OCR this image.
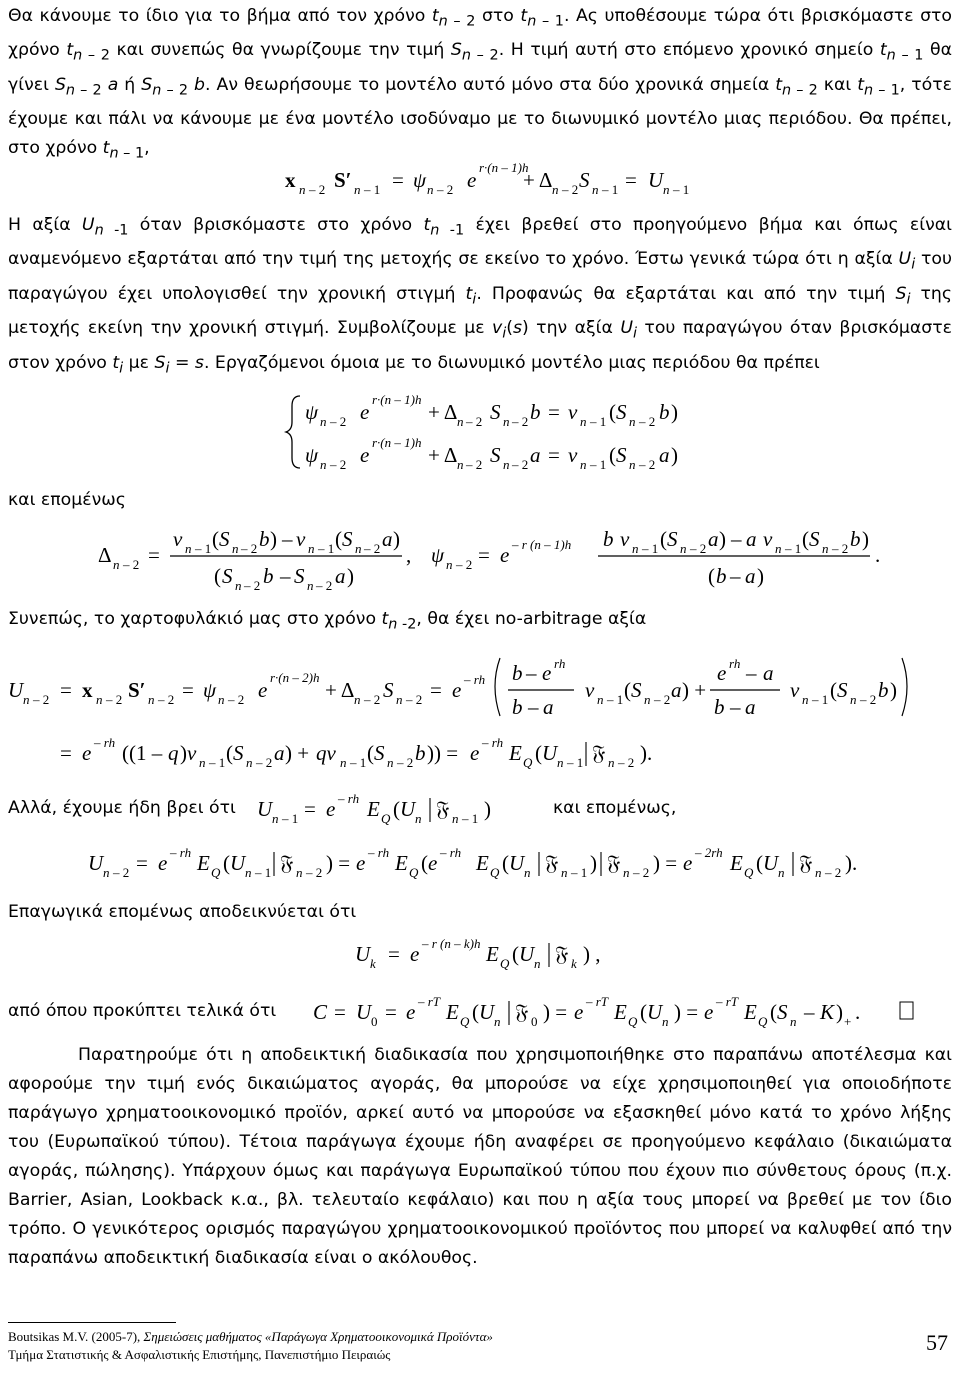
Θα κάνουμε το ίδιο για το βήμα από τον χρόνο $t_{n - 2}$ στο $t_{n - 1}$. Ας υποθέσουμε τώρα ότι βρισκόμαστε στο χρόνο $t_{n - 2}$ και συνεπώς θα γνωρίζουμε την τιμή $S_{n - 2}$. Η τιμή αυτή στο επόμενο χρονικό σημείο $t_{n - 1}$ θα γίνει $S_{n - 2}$ a ή $S_{n - 2}$ b. Αν θεωρήσουμε το μοντέλο αυτό μόνο στα δύο χρονικά σημεία $t_{n - 2}$ και $t_{n - 1}$, τότε έχουμε και πάλι να κάνουμε με ένα μοντέλο ισοδύναμο με το διωνυμικό μοντέλο μιας περιόδου. Θα πρέπει, στο χρόνο $t_{n - 1}$,
Η αξία $U_{n -1}$ όταν βρισκόμαστε στο χρόνο $t_{n -1}$ έχει βρεθεί στο προηγούμενο βήμα και όπως είναι αναμενόμενο εξαρτάται από την τιμή της μετοχής σε εκείνο το χρόνο. Έστω γενικά τώρα ότι η αξία $U_i$ του παραγώγου έχει υπολογισθεί την χρονική στιγμή $t_i$. Προφανώς θα εξαρτάται και από την τιμή $S_i$ της μετοχής εκείνη την χρονική στιγμή. Συμβολίζουμε με $v_i(s)$ την αξία $U_i$ του παραγώγου όταν βρισκόμαστε στον χρόνο $t_i$ με $S_i = s$. Εργαζόμενοι όμοια με το διωνυμικό μοντέλο μιας περιόδου θα πρέπει
και επομένως
Συνεπώς, το χαρτοφυλάκιό μας στο χρόνο $t_{n -2}$, θα έχει no-arbitrage αξία
Αλλά, έχουμε ήδη βρει ότι	και επομένως,
Επαγωγικά επομένως αποδεικνύεται ότι
από όπου προκύπτει τελικά ότι
Παρατηρούμε ότι η αποδεικτική διαδικασία που χρησιμοποιήθηκε στο παραπάνω αποτέλεσμα και αφορούμε την τιμή ενός δικαιώματος αγοράς, θα μπορούσε να είχε χρησιμοποιηθεί για οποιοδήποτε παράγωγο χρηματοοικονομικό προϊόν, αρκεί αυτό να μπορούσε να εξασκηθεί μόνο κατά το χρόνο λήξης του (Ευρωπαϊκού τύπου). Τέτοια παράγωγα έχουμε ήδη αναφέρει σε προηγούμενο κεφάλαιο (δικαιώματα αγοράς, πώλησης). Υπάρχουν όμως και παράγωγα Ευρωπαϊκού τύπου που έχουν πιο σύνθετους όρους (π.χ. Barrier, Asian, Lookback κ.α., βλ. τελευταίο κεφάλαιο) και που η αξία τους μπορεί να βρεθεί με τον ίδιο τρόπο. Ο γενικότερος ορισμός παραγώγου χρηματοοικονομικού προϊόντος που μπορεί να καλυφθεί από την παραπάνω αποδεικτική διαδικασία είναι ο ακόλουθος.
x n – 2 S′ n – 1 = ψ n – 2 e
r·(n – 1)h
+ Δ n – 2 S n – 1 = U n – 1
ψ n – 2 e
r·(n – 1)h
+ Δ n – 2 S n – 2 b = v n – 1 ( S n – 2 b )
ψ n – 2 e
r·(n – 1)h
+ Δ n – 2 S n – 2 a = v n – 1 ( S n – 2 a )
Δ n – 2 =
v n – 1 ( S n – 2 b ) – v n – 1 ( S n – 2 a )
( S n – 2 b – S n – 2 a )
, ψ n – 2 = e – r (n – 1)h b v n – 1 ( S n – 2 a ) – a v n – 1 ( S n – 2 b )
( b – a )
.
U n – 2 = x n – 2 S′ n – 2 = ψ n – 2 e
r·(n – 2)h
+ Δ n – 2 S n – 2 = e – rh b – e rh
b – a
v n – 1 ( S n – 2 a ) +
e rh – a
b – a
v n – 1 ( S n – 2 b )
= e – rh ((1 – q ) v n – 1 ( S n – 2 a ) + qv n – 1 ( S n – 2 b )) = e – rh E Q ( U n – 1 𝔉 n – 2 ).
U n – 1 = e – rh E Q ( U n 𝔉 n – 1 )
U n – 2 = e – rh E Q ( U n – 1 𝔉 n – 2 ) = e – rh E Q ( e – rh E Q ( U n 𝔉 n – 1 ) 𝔉 n – 2 ) = e – 2rh E Q ( U n 𝔉 n – 2 ).
U k = e – r (n – k)h E Q ( U n 𝔉 k ) ,
C = U 0 = e – rT E Q ( U n 𝔉 0 ) = e – rT E Q ( U n ) = e – rT E Q ( S n – K ) + .
Boutsikas M.V. (2005-7), Σημειώσεις μαθήματος «Παράγωγα Χρηματοοικονομικά Προϊόντα»
Τμήμα Στατιστικής & Ασφαλιστικής Επιστήμης, Πανεπιστήμιο Πειραιώς	57
